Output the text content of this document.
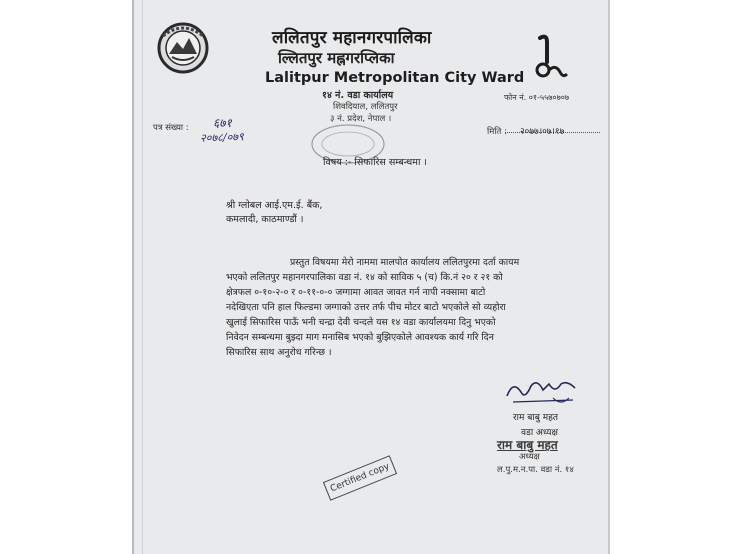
ललितपुर महानगरपालिका
ल्लितपुर मह्नगरप्लिका
Lalitpur Metropolitan City Ward
१४ नं. वडा कार्यालय
शिवदियाल, ललितपुर
३ नं. प्रदेश, नेपाल ।
फोन नं. ०१-५५७०७०७
पत्र संख्या : ६७१
२०७८/०७९	मिति : २०७७।०७।१७
विषय :- सिफारिस सम्बन्धमा ।
श्री ग्लोबल आई.एम.ई. बैंक,
कमलादी, काठमाण्डौं ।
प्रस्तुत विषयमा मेरो नाममा मालपोत कार्यालय ललितपुरमा दर्ता कायम
भएको ललितपुर महानगरपालिका वडा नं. १४ को साविक ५ (च) कि.नं २० र २१ को
क्षेत्रफल ०-१०-२-० र ०-११-०-० जग्गामा आवत जावत गर्न नापी नक्सामा बाटो
नदेखिएता पनि हाल फिल्डमा जग्गाको उत्तर तर्फ पीच मोटर बाटो भएकोले सो व्यहोरा
खुलाई सिफारिस पाऊँ भनी चन्द्रा देवी चन्दले यस १४ वडा कार्यालयमा दिनु भएको
निवेदन सम्बन्धमा बुझ्दा माग मनासिब भएको बुझिएकोले आवश्यक कार्य गरि दिन
सिफारिस साथ अनुरोध गरिन्छ ।
राम बाबु महत
वडा अध्यक्ष
राम बाबु महत
अध्यक्ष
ल.पु.म.न.पा. वडा नं. १४
Certified copy
